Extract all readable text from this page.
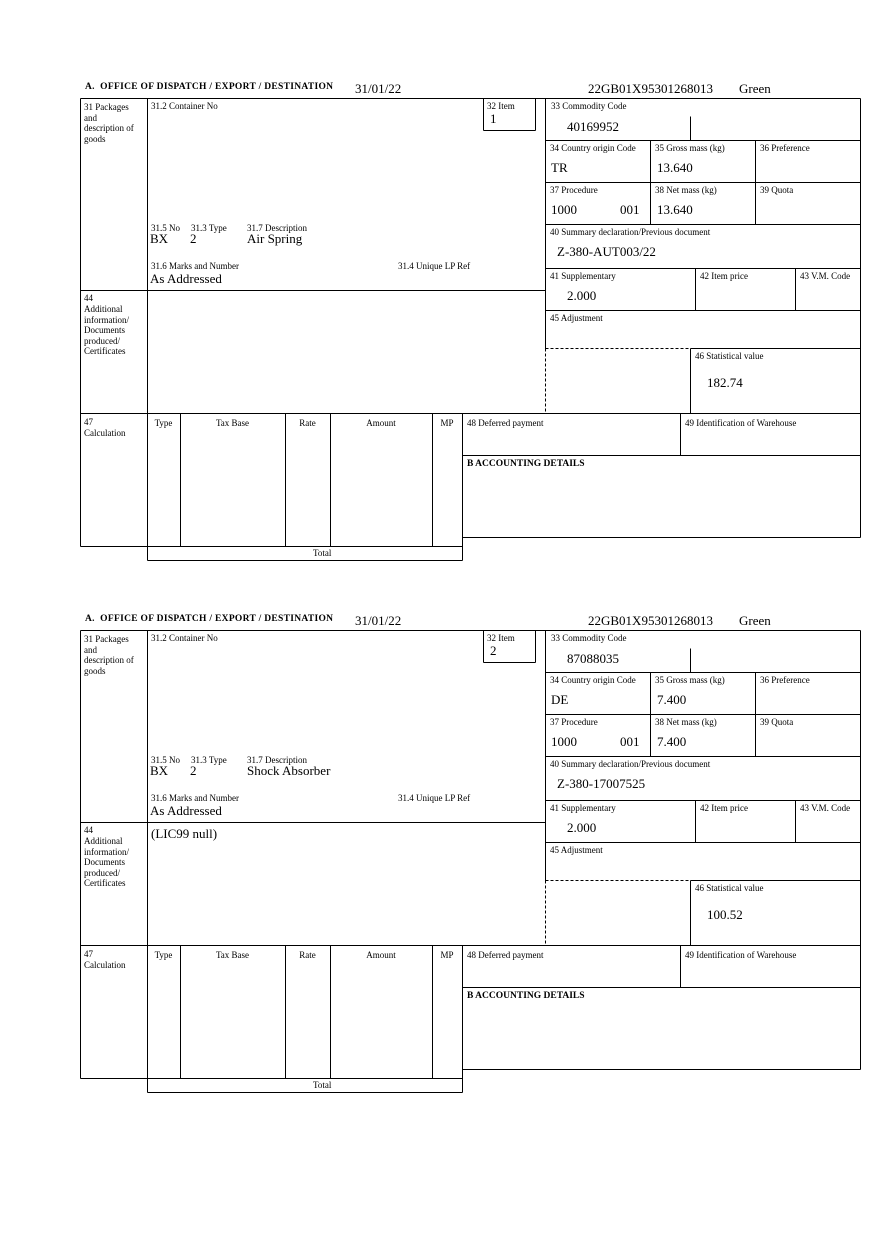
A.  OFFICE OF DISPATCH / EXPORT / DESTINATION 31/01/22	22GB01X95301268013 Green
31 Packages and description of goods
31.2 Container No	32 Item
1
33 Commodity Code
40169952
34 Country origin Code
TR
35 Gross mass (kg)
13.640
36 Preference
37 Procedure
1000	001
38 Net mass (kg)
13.640
39 Quota
40 Summary declaration/Previous document
Z-380-AUT003/22
31.5 No 31.3 Type 31.7 Description
BX 2	Air Spring
31.6 Marks and Number	31.4 Unique LP Ref
As Addressed
44
Additional information/ Documents produced/ Certificates
41 Supplementary
2.000
42 Item price	43 V.M. Code
45 Adjustment
46 Statistical value
182.74
47
Calculation
Type	Tax Base	Rate	Amount	MP
Total
48 Deferred payment	49 Identification of Warehouse
B ACCOUNTING DETAILS
A.  OFFICE OF DISPATCH / EXPORT / DESTINATION 31/01/22	22GB01X95301268013 Green
31 Packages and description of goods
31.2 Container No	32 Item
2
33 Commodity Code
87088035
34 Country origin Code
DE
35 Gross mass (kg)
7.400
36 Preference
37 Procedure
1000	001
38 Net mass (kg)
7.400
39 Quota
40 Summary declaration/Previous document
Z-380-17007525
31.5 No 31.3 Type 31.7 Description
BX 2	Shock Absorber
31.6 Marks and Number	31.4 Unique LP Ref
As Addressed
44
Additional information/ Documents produced/ Certificates
(LIC99 null)
41 Supplementary
2.000
42 Item price	43 V.M. Code
45 Adjustment
46 Statistical value
100.52
47
Calculation
Type	Tax Base	Rate	Amount	MP
Total
48 Deferred payment	49 Identification of Warehouse
B ACCOUNTING DETAILS
